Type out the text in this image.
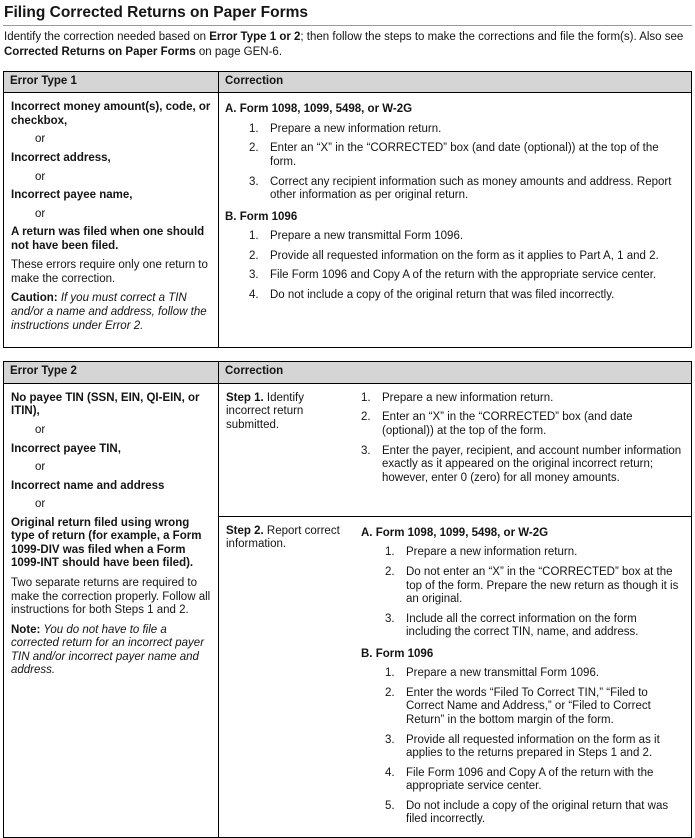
Filing Corrected Returns on Paper Forms

Identify the correction needed based on Error Type 1 or 2; then follow the steps to make the corrections and file the form(s). Also see Corrected Returns on Paper Forms on page GEN-6.

Error Type 1	Correction
Incorrect money amount(s), code, or checkbox,
or
Incorrect address,
or
Incorrect payee name,
or
A return was filed when one should not have been filed.
These errors require only one return to make the correction.
Caution: If you must correct a TIN and/or a name and address, follow the instructions under Error 2.
A. Form 1098, 1099, 5498, or W-2G
1. Prepare a new information return.
2. Enter an “X” in the “CORRECTED” box (and date (optional)) at the top of the form.
3. Correct any recipient information such as money amounts and address. Report other information as per original return.
B. Form 1096
1. Prepare a new transmittal Form 1096.
2. Provide all requested information on the form as it applies to Part A, 1 and 2.
3. File Form 1096 and Copy A of the return with the appropriate service center.
4. Do not include a copy of the original return that was filed incorrectly.
Error Type 2	Correction
No payee TIN (SSN, EIN, QI-EIN, or ITIN),
or
Incorrect payee TIN,
or
Incorrect name and address
or
Original return filed using wrong type of return (for example, a Form 1099-DIV was filed when a Form 1099-INT should have been filed).
Two separate returns are required to make the correction properly. Follow all instructions for both Steps 1 and 2.
Note: You do not have to file a corrected return for an incorrect payer TIN and/or incorrect payer name and address.
Step 1. Identify incorrect return submitted.
1. Prepare a new information return.
2. Enter an “X” in the “CORRECTED” box (and date (optional)) at the top of the form.
3. Enter the payer, recipient, and account number information exactly as it appeared on the original incorrect return; however, enter 0 (zero) for all money amounts.
Step 2. Report correct information.
A. Form 1098, 1099, 5498, or W-2G
1. Prepare a new information return.
2. Do not enter an “X” in the “CORRECTED” box at the top of the form. Prepare the new return as though it is an original.
3. Include all the correct information on the form including the correct TIN, name, and address.
B. Form 1096
1. Prepare a new transmittal Form 1096.
2. Enter the words “Filed To Correct TIN,” “Filed to Correct Name and Address,” or “Filed to Correct Return” in the bottom margin of the form.
3. Provide all requested information on the form as it applies to the returns prepared in Steps 1 and 2.
4. File Form 1096 and Copy A of the return with the appropriate service center.
5. Do not include a copy of the original return that was filed incorrectly.
